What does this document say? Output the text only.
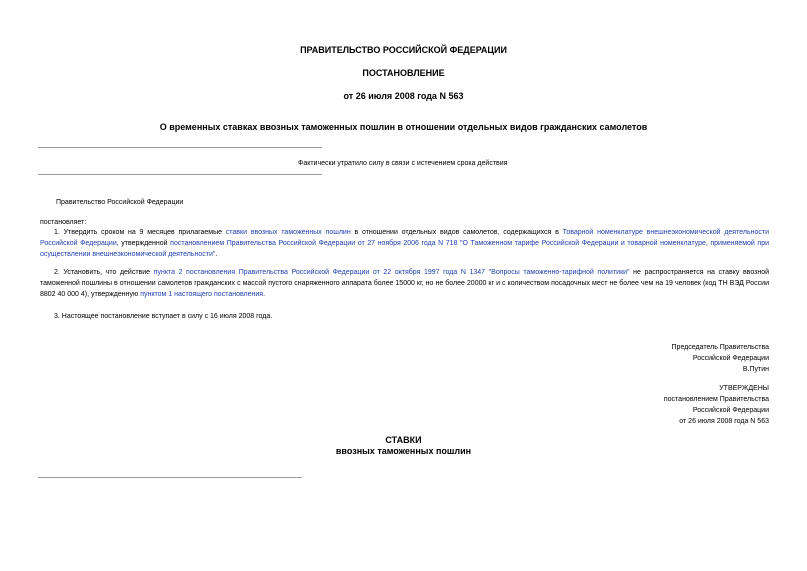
ПРАВИТЕЛЬСТВО РОССИЙСКОЙ ФЕДЕРАЦИИ
ПОСТАНОВЛЕНИЕ
от 26 июля 2008 года N 563
О временных ставках ввозных таможенных пошлин в отношении отдельных видов гражданских самолетов
Фактически утратило силу в связи с истечением срока действия
Правительство Российской Федерации
постановляет:
1. Утвердить сроком на 9 месяцев прилагаемые ставки ввозных таможенных пошлин в отношении отдельных видов самолетов, содержащихся в Товарной номенклатуре внешнеэкономической деятельности Российской Федерации, утвержденной постановлением Правительства Российской Федерации от 27 ноября 2006 года N 718 "О Таможенном тарифе Российской Федерации и товарной номенклатуре, применяемой при осуществлении внешнеэкономической деятельности".
2. Установить, что действие пункта 2 постановления Правительства Российской Федерации от 22 октября 1997 года N 1347 "Вопросы таможенно-тарифной политики" не распространяется на ставку ввозной таможенной пошлины в отношении самолетов гражданских с массой пустого снаряженного аппарата более 15000 кг, но не более 20000 кг и с количеством посадочных мест не более чем на 19 человек (код ТН ВЭД России 8802 40 000 4), утвержденную пунктом 1 настоящего постановления.
3. Настоящее постановление вступает в силу с 16 июля 2008 года.
Председатель Правительства
Российской Федерации
В.Путин
УТВЕРЖДЕНЫ
постановлением Правительства
Российской Федерации
от 26 июля 2008 года N 563
СТАВКИ
ввозных таможенных пошлин
